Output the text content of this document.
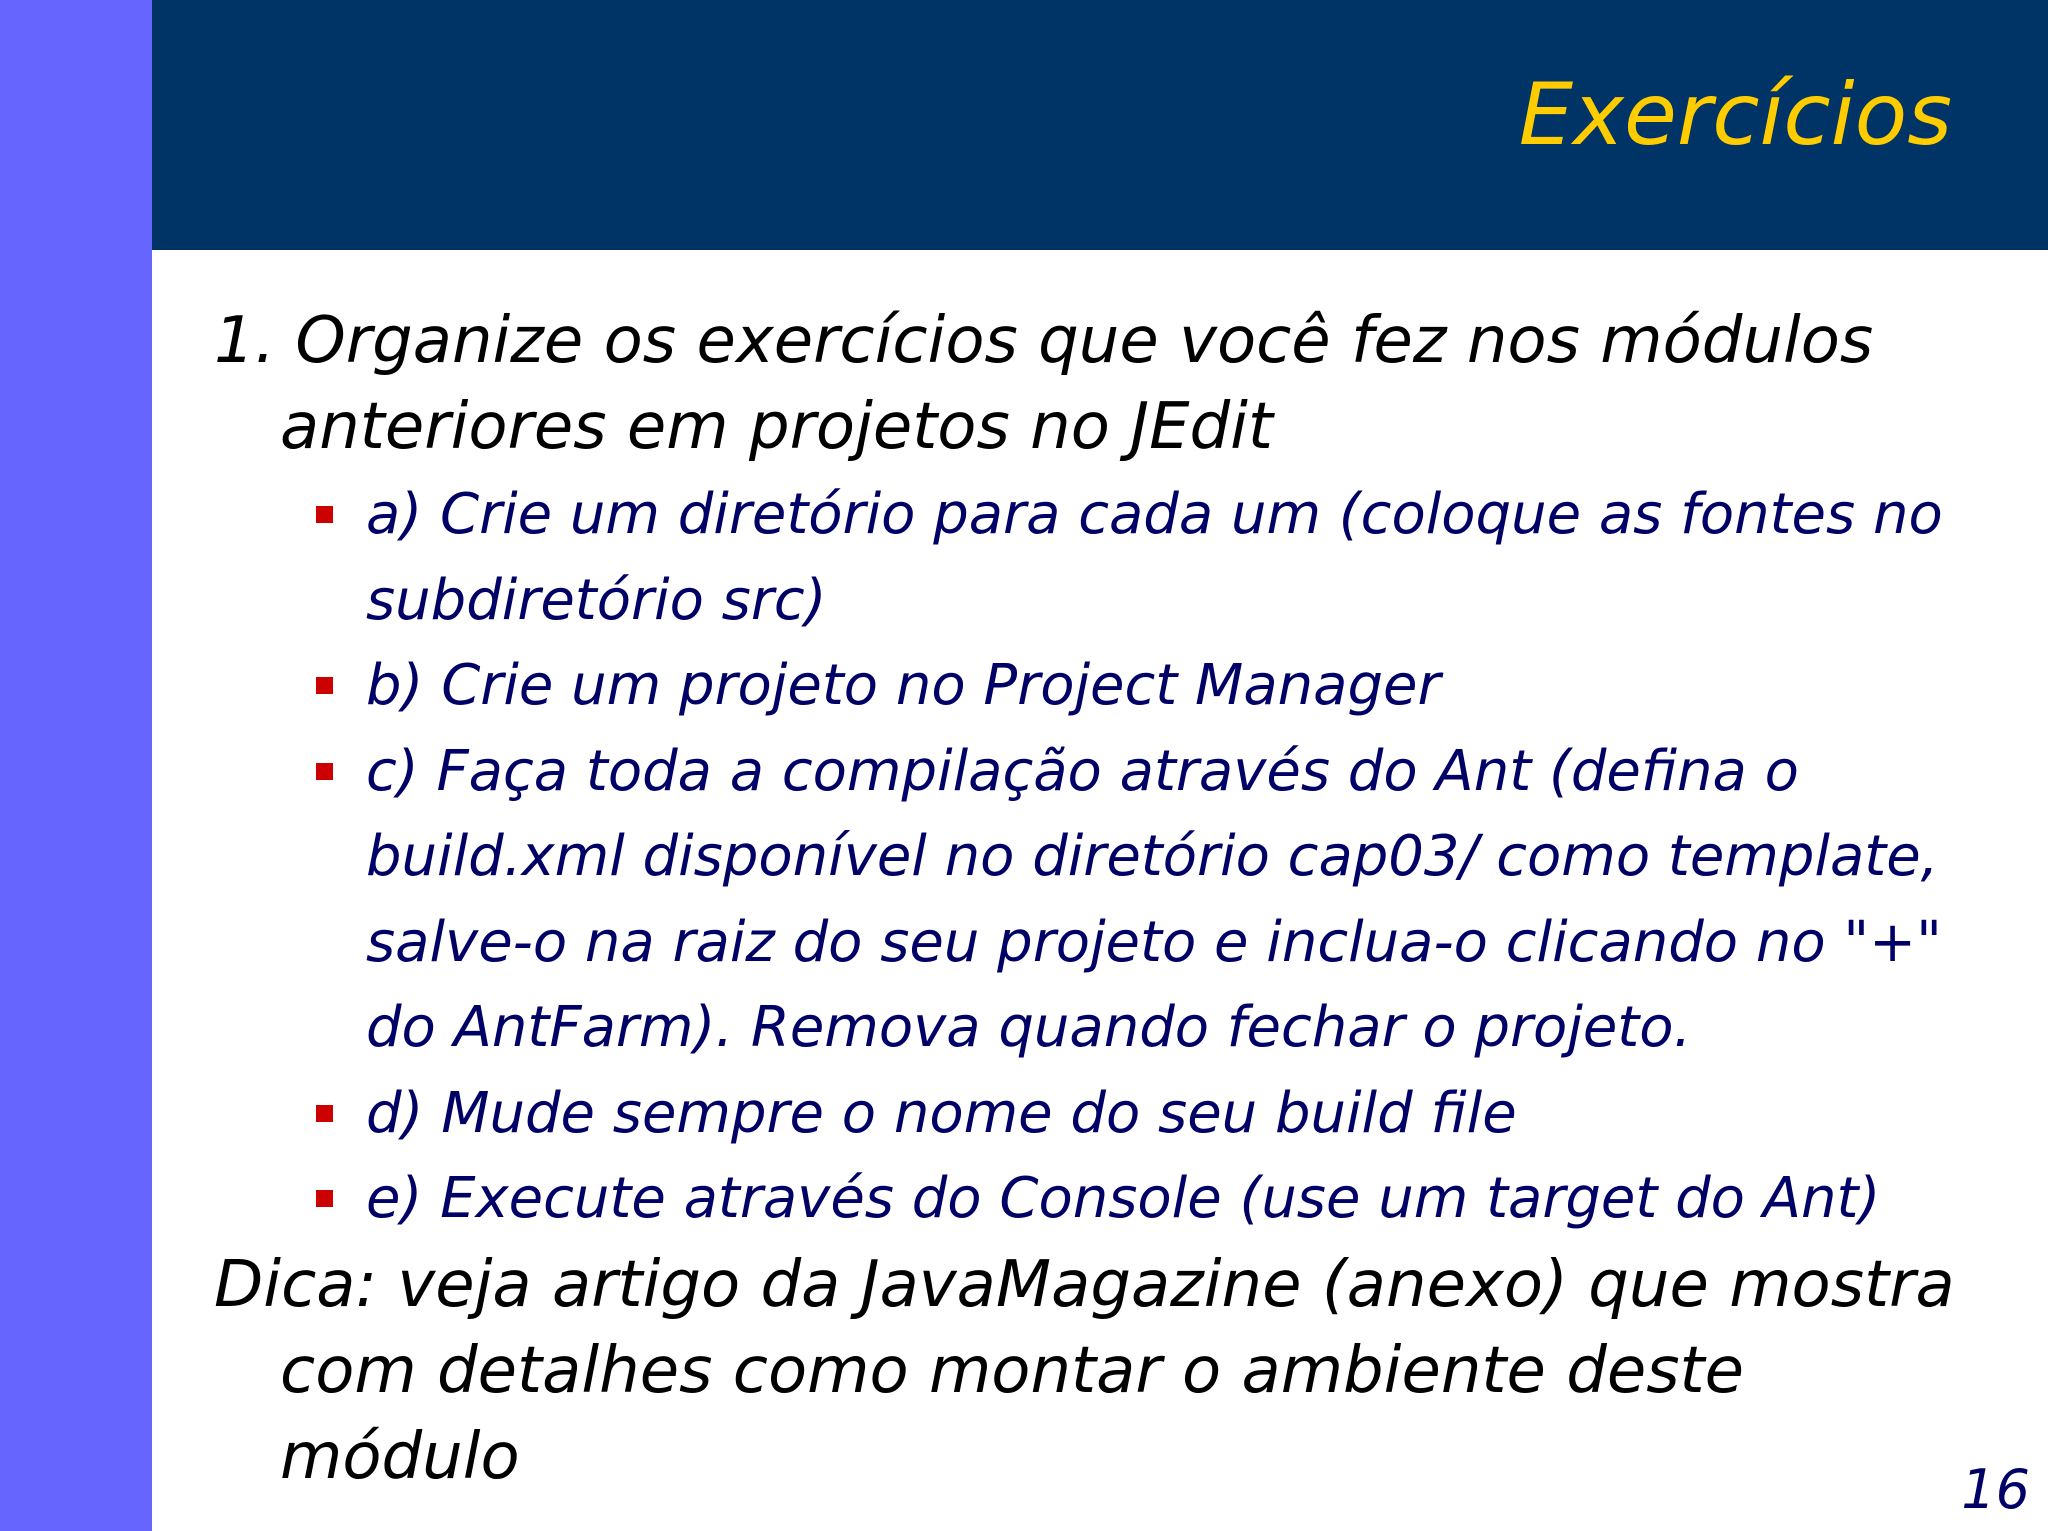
Exercícios
1. Organize os exercícios que você fez nos módulos anteriores em projetos no JEdit
a) Crie um diretório para cada um (coloque as fontes no subdiretório src)
b) Crie um projeto no Project Manager
c) Faça toda a compilação através do Ant (defina o build.xml disponível no diretório cap03/ como template, salve-o na raiz do seu projeto e inclua-o clicando no "+" do AntFarm). Remova quando fechar o projeto.
d) Mude sempre o nome do seu build file
e) Execute através do Console (use um target do Ant)
Dica: veja artigo da JavaMagazine (anexo) que mostra com detalhes como montar o ambiente deste módulo	16
